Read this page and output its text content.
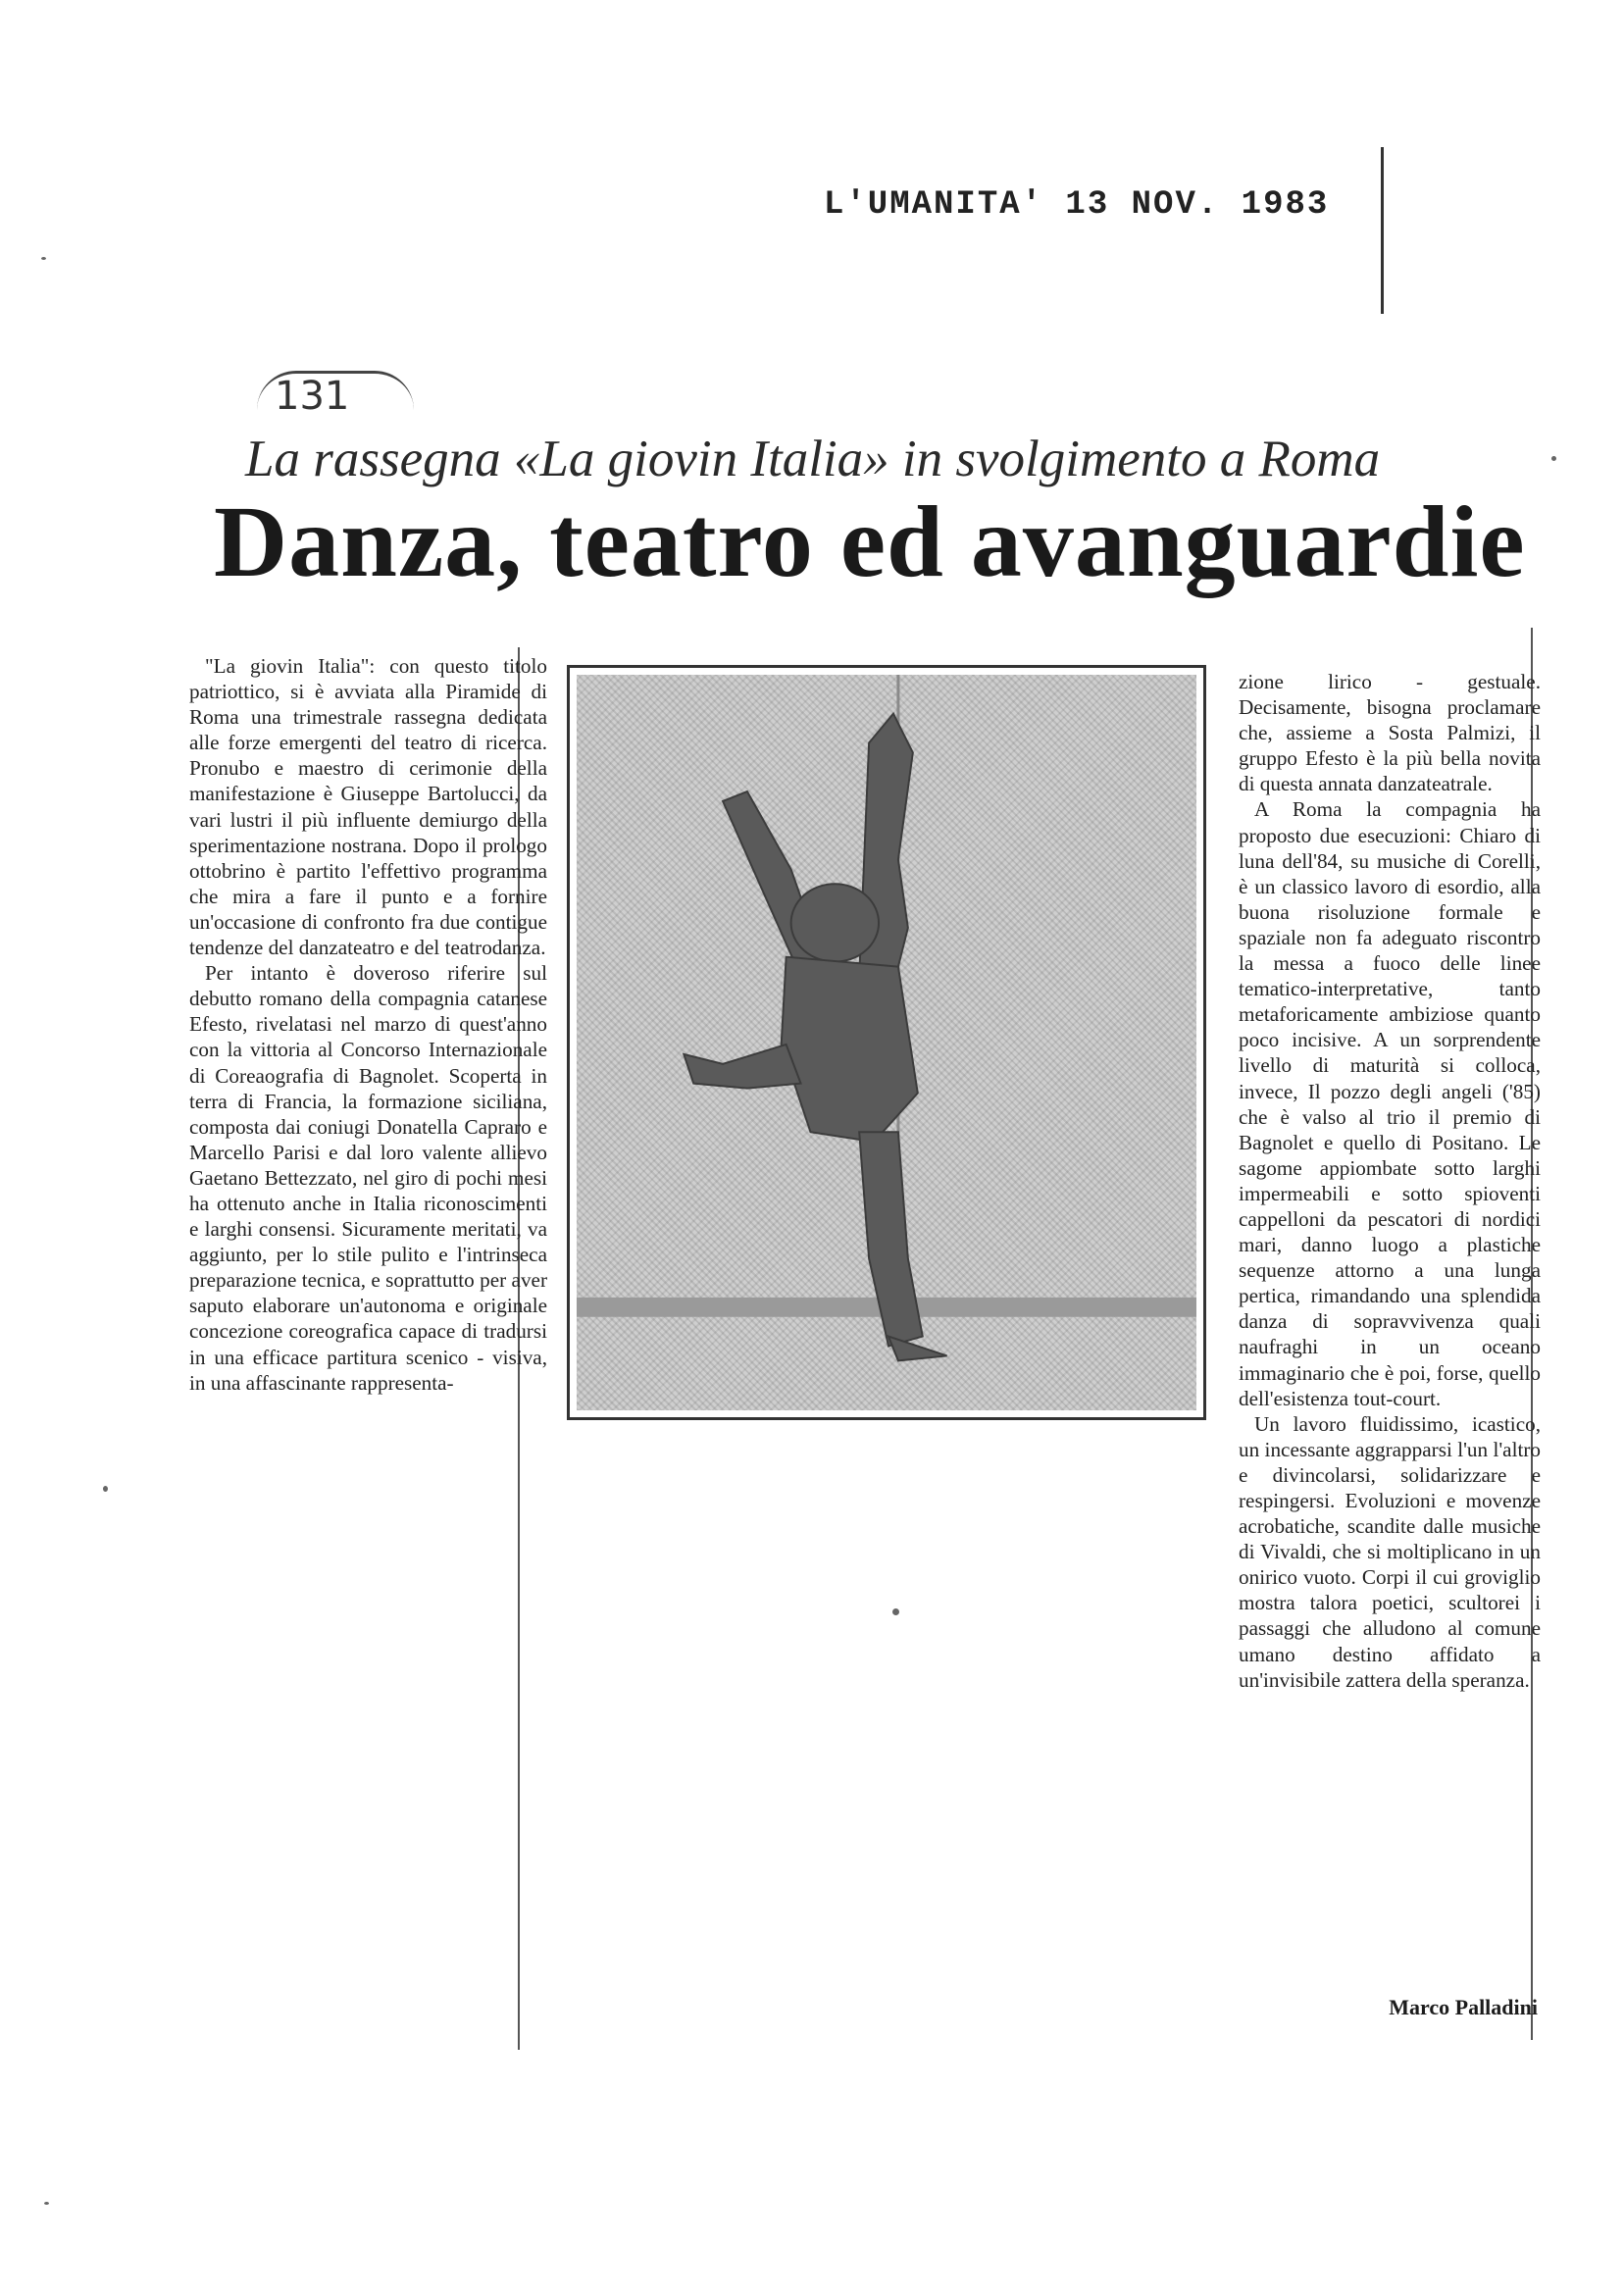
L'UMANITA' 13 NOV. 1983
131
La rassegna «La giovin Italia» in svolgimento a Roma
Danza, teatro ed avanguardie

"La giovin Italia": con questo titolo patriottico, si è avviata alla Piramide di Roma una trimestrale rassegna dedicata alle forze emergenti del teatro di ricerca. Pronubo e maestro di cerimonie della manifestazione è Giuseppe Bartolucci, da vari lustri il più influente demiurgo della sperimentazione nostrana. Dopo il prologo ottobrino è partito l'effettivo programma che mira a fare il punto e a fornire un'occasione di confronto fra due contigue tendenze del danzateatro e del teatrodanza.

Per intanto è doveroso riferire sul debutto romano della compagnia catanese Efesto, rivelatasi nel marzo di quest'anno con la vittoria al Concorso Internazionale di Coreaografia di Bagnolet. Scoperta in terra di Francia, la formazione siciliana, composta dai coniugi Donatella Capraro e Marcello Parisi e dal loro valente allievo Gaetano Bettezzato, nel giro di pochi mesi ha ottenuto anche in Italia riconoscimenti e larghi consensi. Sicuramente meritati, va aggiunto, per lo stile pulito e l'intrinseca preparazione tecnica, e soprattutto per aver saputo elaborare un'autonoma e originale concezione coreografica capace di tradursi in una efficace partitura scenico - visiva, in una affascinante rappresenta-

zione lirico - gestuale. Decisamente, bisogna proclamare che, assieme a Sosta Palmizi, il gruppo Efesto è la più bella novita di questa annata danzateatrale.

A Roma la compagnia ha proposto due esecuzioni: Chiaro di luna dell'84, su musiche di Corelli, è un classico lavoro di esordio, alla buona risoluzione formale e spaziale non fa adeguato riscontro la messa a fuoco delle linee tematico-interpretative, tanto metaforicamente ambiziose quanto poco incisive. A un sorprendente livello di maturità si colloca, invece, Il pozzo degli angeli ('85) che è valso al trio il premio di Bagnolet e quello di Positano. Le sagome appiombate sotto larghi impermeabili e sotto spioventi cappelloni da pescatori di nordici mari, danno luogo a plastiche sequenze attorno a una lunga pertica, rimandando una splendida danza di sopravvivenza quali naufraghi in un oceano immaginario che è poi, forse, quello dell'esistenza tout-court.

Un lavoro fluidissimo, icastico, un incessante aggrapparsi l'un l'altro e divincolarsi, solidarizzare e respingersi. Evoluzioni e movenze acrobatiche, scandite dalle musiche di Vivaldi, che si moltiplicano in un onirico vuoto. Corpi il cui groviglio mostra talora poetici, scultorei i passaggi che alludono al comune umano destino affidato a un'invisibile zattera della speranza.

Marco Palladini
